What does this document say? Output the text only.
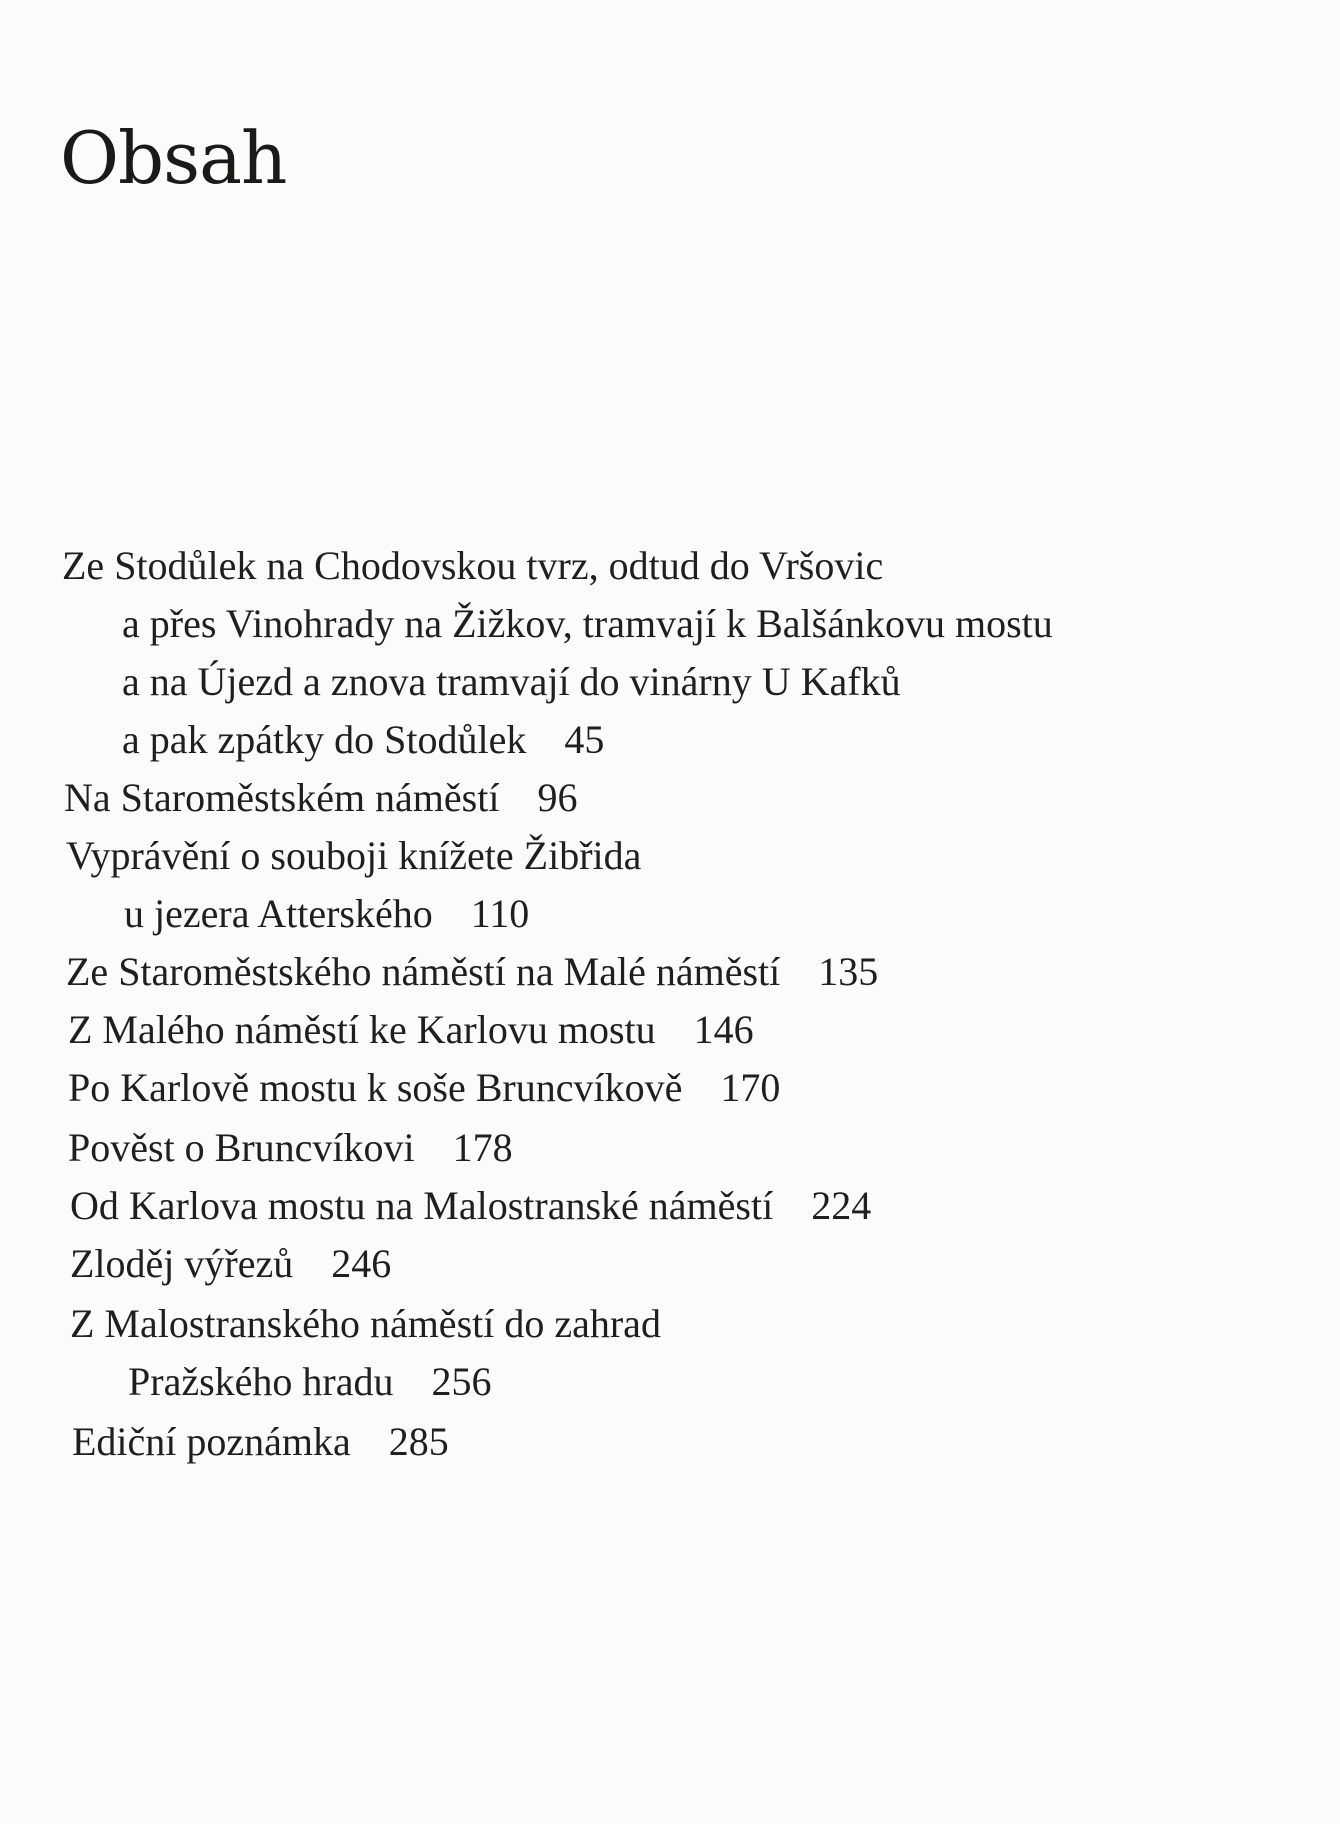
Obsah
Ze Stodůlek na Chodovskou tvrz, odtud do Vršovic
a přes Vinohrady na Žižkov, tramvají k Balšánkovu mostu
a na Újezd a znova tramvají do vinárny U Kafků
a pak zpátky do Stodůlek 45
Na Staroměstském náměstí 96
Vyprávění o souboji knížete Žibřida
u jezera Atterského 110
Ze Staroměstského náměstí na Malé náměstí 135
Z Malého náměstí ke Karlovu mostu 146
Po Karlově mostu k soše Bruncvíkově 170
Pověst o Bruncvíkovi 178
Od Karlova mostu na Malostranské náměstí 224
Zloděj výřezů 246
Z Malostranského náměstí do zahrad
Pražského hradu 256
Ediční poznámka 285
